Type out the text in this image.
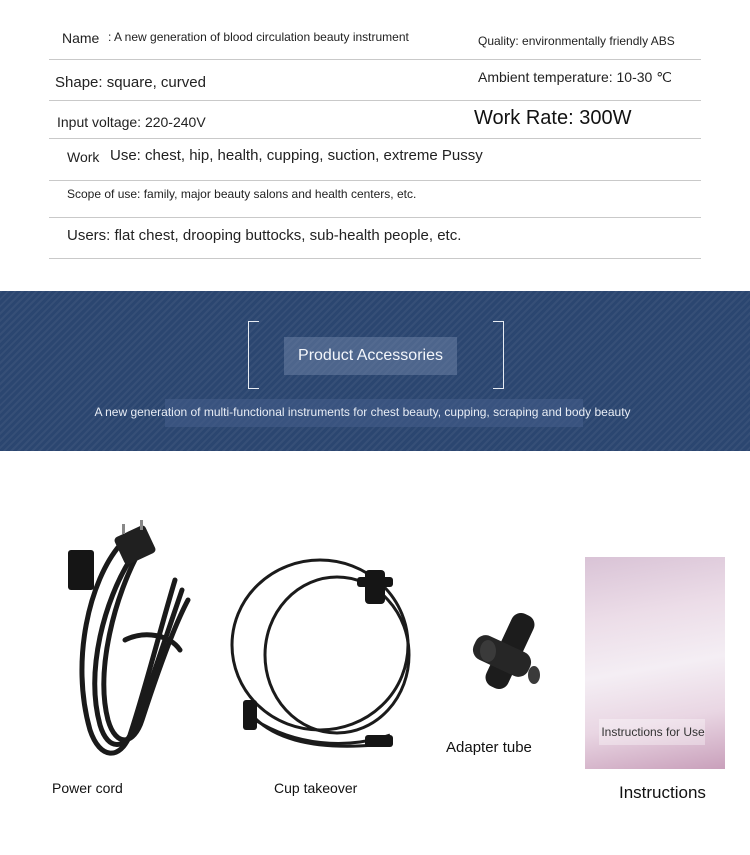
Name : A new generation of blood circulation beauty instrument	Quality: environmentally friendly ABS
Shape: square, curved	Ambient temperature: 10-30 ℃
Input voltage: 220-240V	Work Rate: 300W
Work Use: chest, hip, health, cupping, suction, extreme Pussy
Scope of use: family, major beauty salons and health centers, etc.
Users: flat chest, drooping buttocks, sub-health people, etc.
Product Accessories
A new generation of multi-functional instruments for chest beauty, cupping, scraping and body beauty
Instructions for Use
Power cord	Cup takeover
Adapter tube
Instructions
